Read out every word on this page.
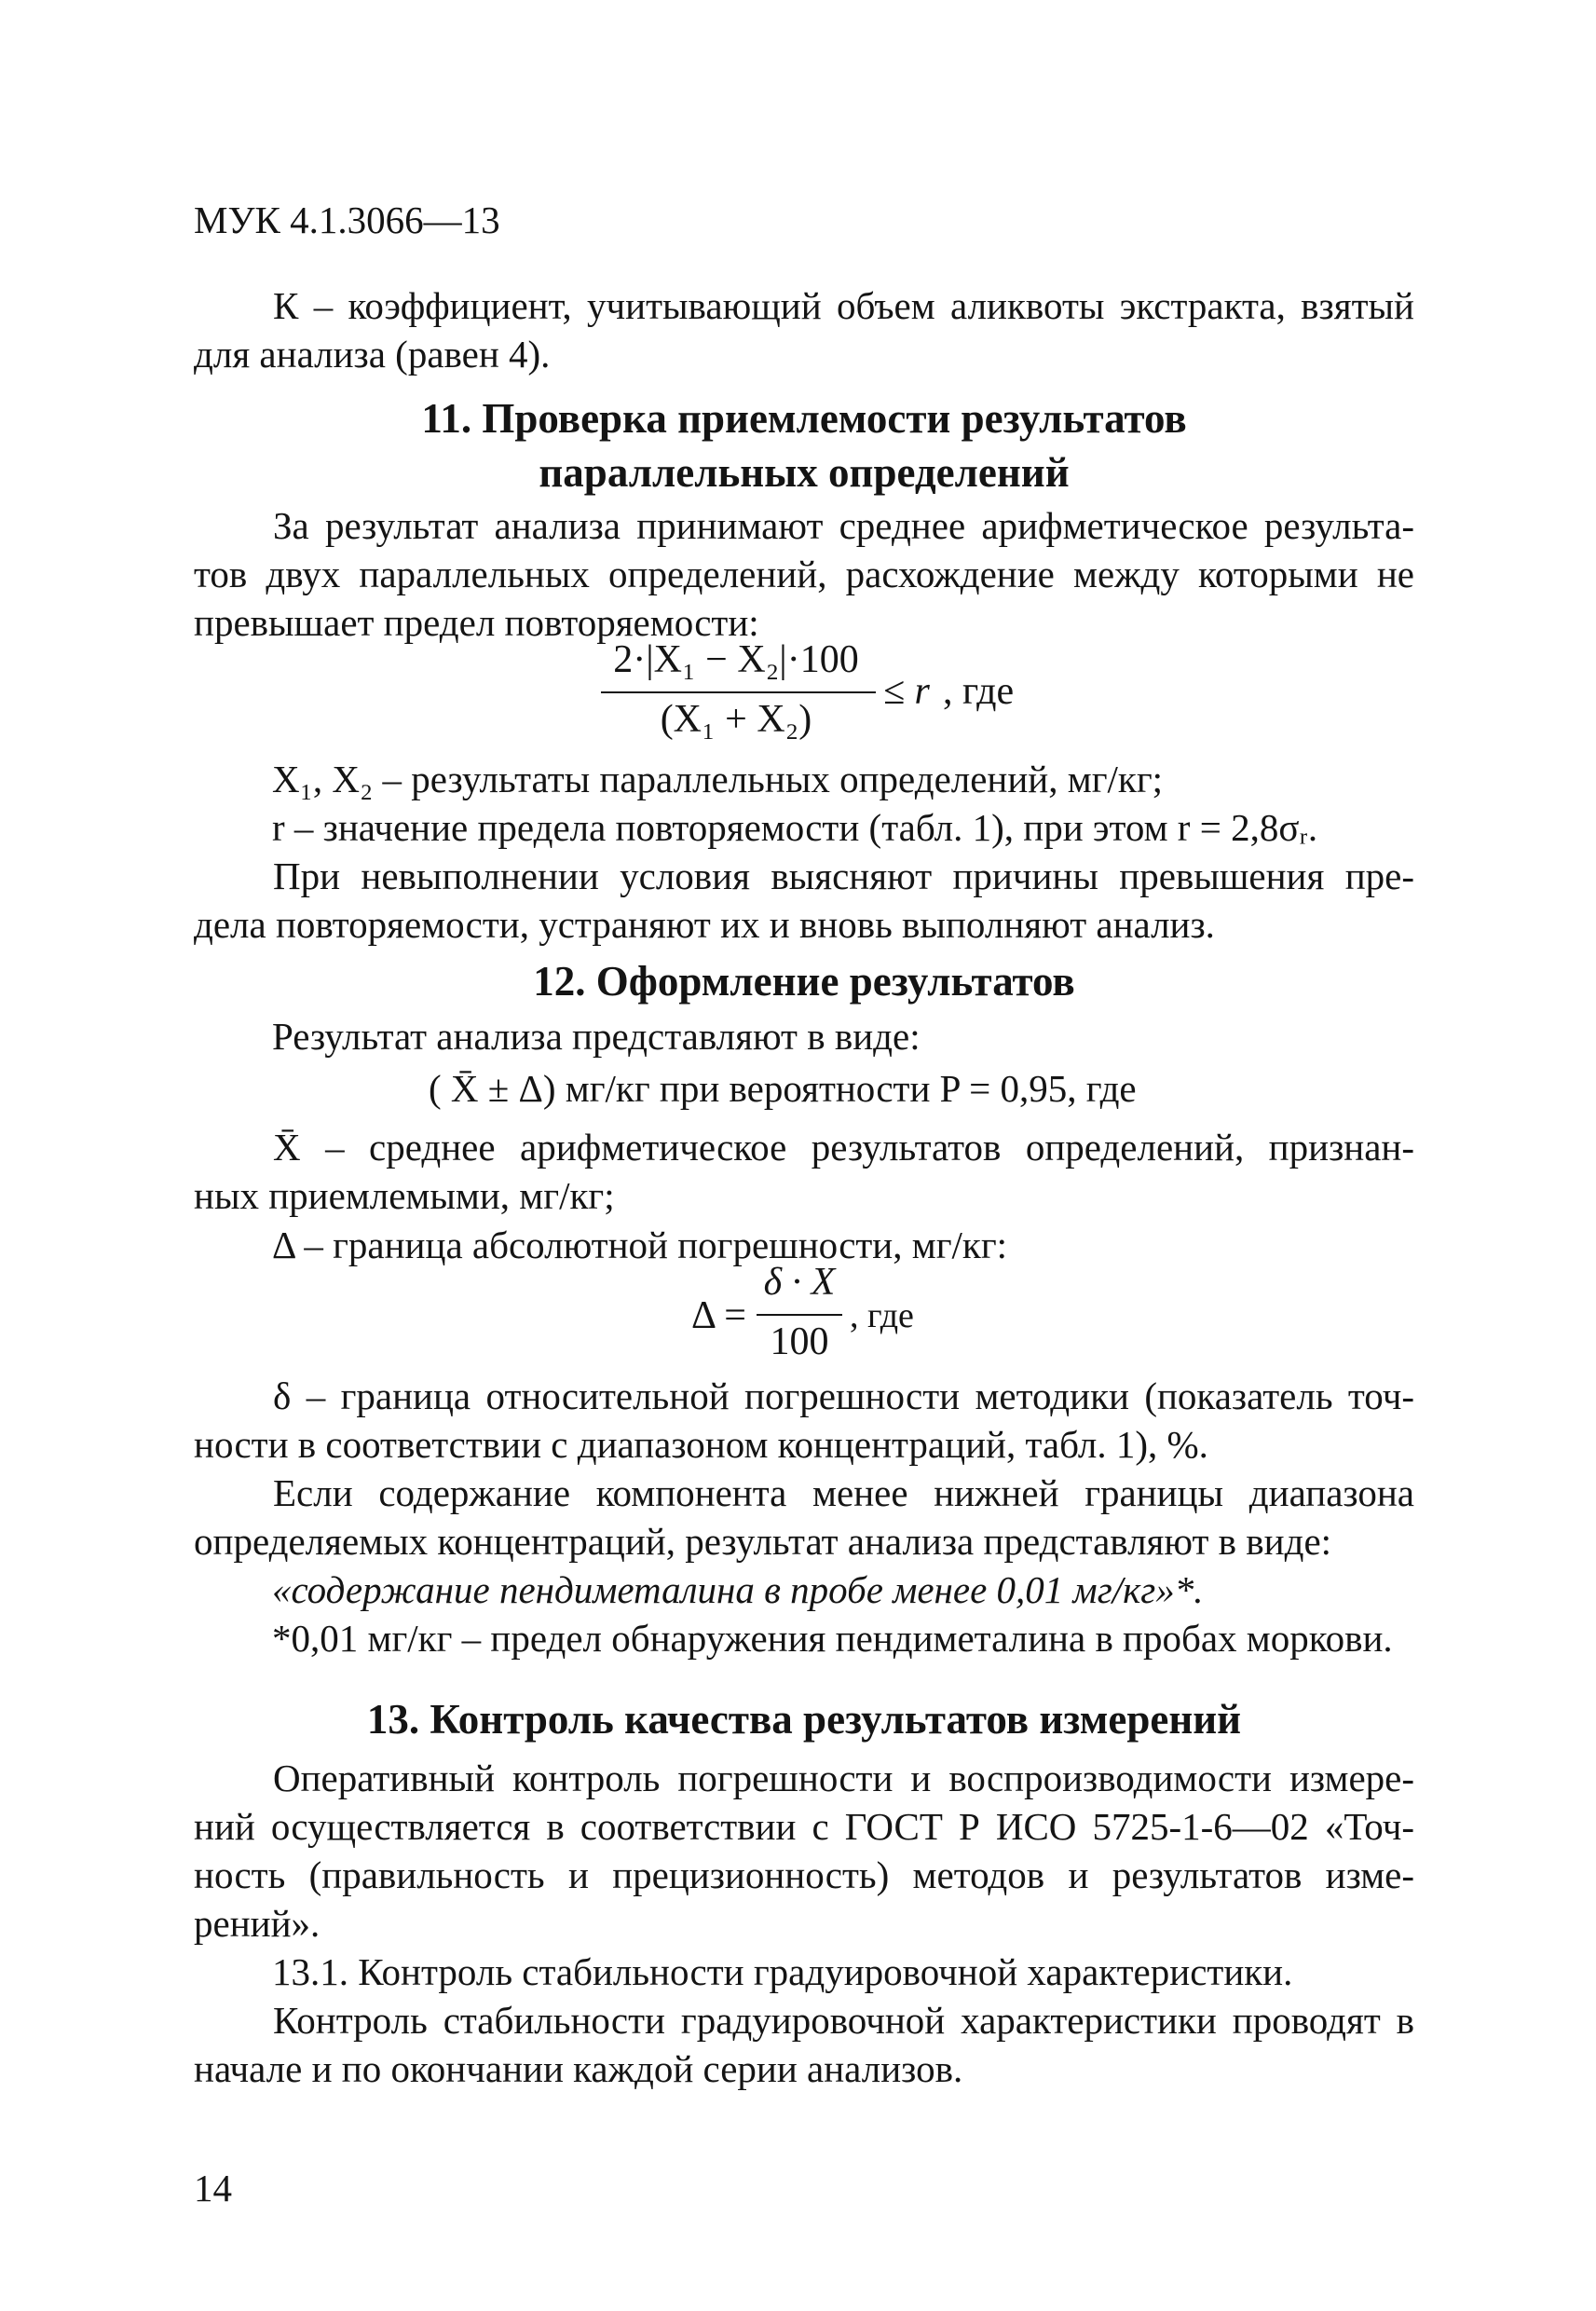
МУК 4.1.3066—13
К – коэффициент, учитывающий объем аликвоты экстракта, взятый
для анализа (равен 4).
11. Проверка приемлемости результатов
параллельных определений
За результат анализа принимают среднее арифметическое результа-
тов двух параллельных определений, расхождение между которыми не
превышает предел повторяемости:
2·|X₁ − X₂|·100
(X₁ + X₂)
≤ r , где
X₁, X₂ – результаты параллельных определений, мг/кг;
r – значение предела повторяемости (табл. 1), при этом r = 2,8σᵣ.
При невыполнении условия выясняют причины превышения пре-
дела повторяемости, устраняют их и вновь выполняют анализ.
12. Оформление результатов
Результат анализа представляют в виде:
( X̄ ± Δ) мг/кг при вероятности P = 0,95, где
X̄ – среднее арифметическое результатов определений, признан-
ных приемлемыми, мг/кг;
Δ – граница абсолютной погрешности, мг/кг:
Δ =
δ · X
100
, где
δ – граница относительной погрешности методики (показатель точ-
ности в соответствии с диапазоном концентраций, табл. 1), %.
Если содержание компонента менее нижней границы диапазона
определяемых концентраций, результат анализа представляют в виде:
«содержание пендиметалина в пробе менее 0,01 мг/кг»*.
*0,01 мг/кг – предел обнаружения пендиметалина в пробах моркови.
13. Контроль качества результатов измерений
Оперативный контроль погрешности и воспроизводимости измере-
ний осуществляется в соответствии с ГОСТ Р ИСО 5725-1-6—02 «Точ-
ность (правильность и прецизионность) методов и результатов изме-
рений».
13.1. Контроль стабильности градуировочной характеристики.
Контроль стабильности градуировочной характеристики проводят в
начале и по окончании каждой серии анализов.
14
